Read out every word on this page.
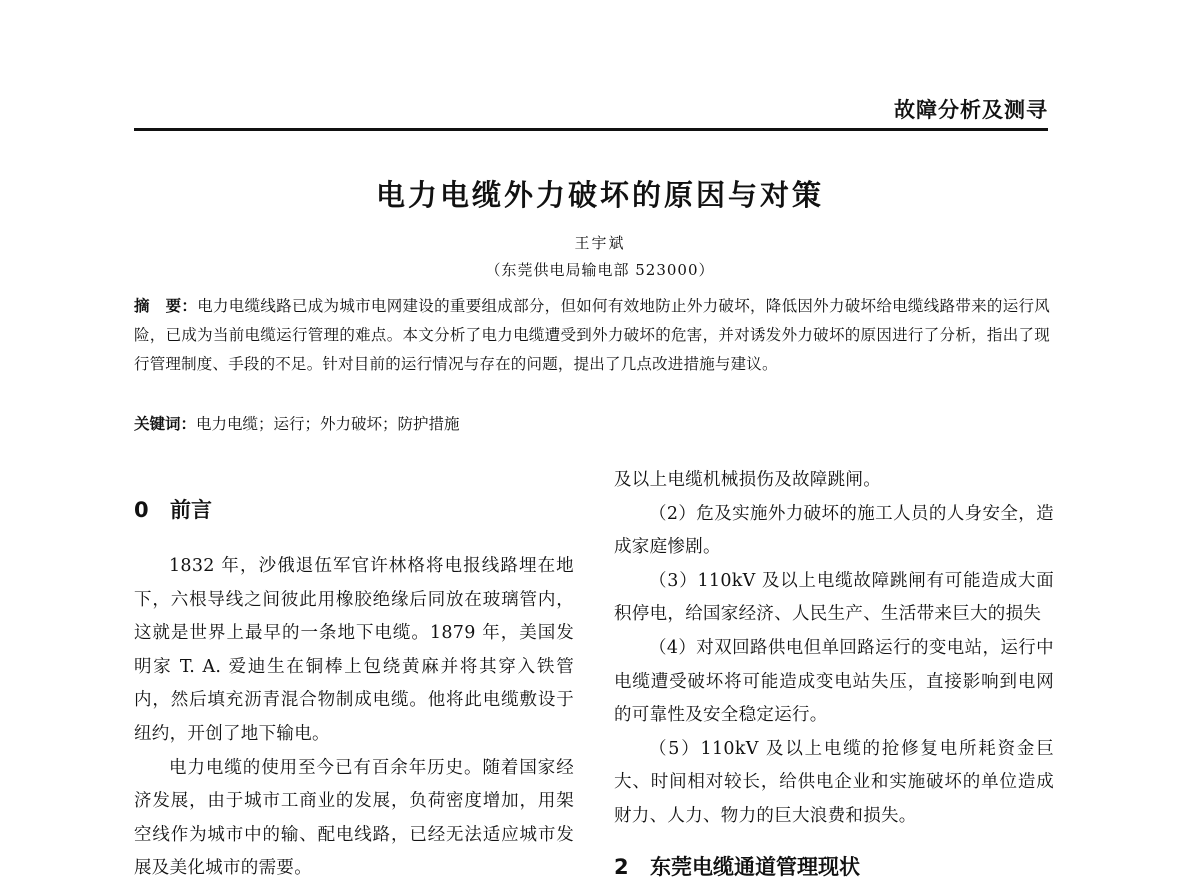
故障分析及测寻
电力电缆外力破坏的原因与对策
王宇斌
（东莞供电局输电部 523000）
摘　要：电力电缆线路已成为城市电网建设的重要组成部分，但如何有效地防止外力破坏，降低因外力破坏给电缆线路带来的运行风险，已成为当前电缆运行管理的难点。本文分析了电力电缆遭受到外力破坏的危害，并对诱发外力破坏的原因进行了分析，指出了现行管理制度、手段的不足。针对目前的运行情况与存在的问题，提出了几点改进措施与建议。
关键词：电力电缆；运行；外力破坏；防护措施
0 前言

1832 年，沙俄退伍军官许林格将电报线路埋在地下，六根导线之间彼此用橡胶绝缘后同放在玻璃管内，这就是世界上最早的一条地下电缆。1879 年，美国发明家 T. A. 爱迪生在铜棒上包绕黄麻并将其穿入铁管内，然后填充沥青混合物制成电缆。他将此电缆敷设于纽约，开创了地下输电。

电力电缆的使用至今已有百余年历史。随着国家经济发展，由于城市工商业的发展，负荷密度增加，用架空线作为城市中的输、配电线路，已经无法适应城市发展及美化城市的需要。

及以上电缆机械损伤及故障跳闸。

（2）危及实施外力破坏的施工人员的人身安全，造成家庭惨剧。

（3）110kV 及以上电缆故障跳闸有可能造成大面积停电，给国家经济、人民生产、生活带来巨大的损失

（4）对双回路供电但单回路运行的变电站，运行中电缆遭受破坏将可能造成变电站失压，直接影响到电网的可靠性及安全稳定运行。

（5）110kV 及以上电缆的抢修复电所耗资金巨大、时间相对较长，给供电企业和实施破坏的单位造成财力、人力、物力的巨大浪费和损失。

2 东莞电缆通道管理现状
